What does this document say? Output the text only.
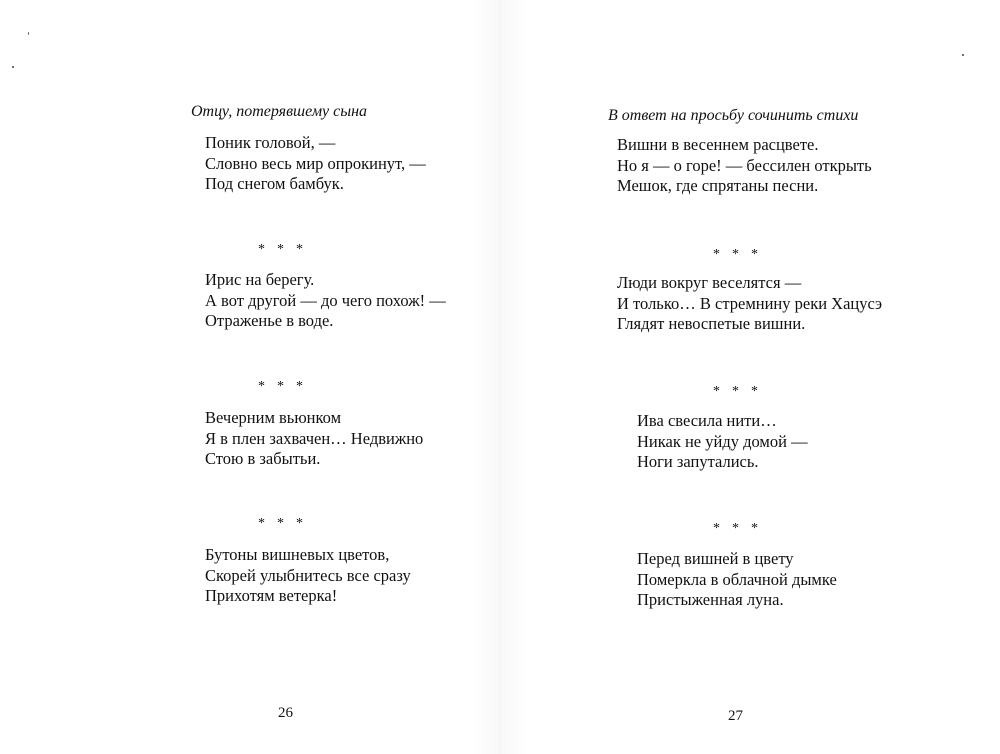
Отцу, потерявшему сына
Поник головой, —
Словно весь мир опрокинут, —
Под снегом бамбук.
***
Ирис на берегу.
А вот другой — до чего похож! —
Отраженье в воде.
***
Вечерним вьюнком
Я в плен захвачен… Недвижно
Стою в забытьи.
***
Бутоны вишневых цветов,
Скорей улыбнитесь все сразу
Прихотям ветерка!
26
В ответ на просьбу сочинить стихи
Вишни в весеннем расцвете.
Но я — о горе! — бессилен открыть
Мешок, где спрятаны песни.
***
Люди вокруг веселятся —
И только… В стремнину реки Хацусэ
Глядят невоспетые вишни.
***
Ива свесила нити…
Никак не уйду домой —
Ноги запутались.
***
Перед вишней в цвету
Померкла в облачной дымке
Пристыженная луна.
27
